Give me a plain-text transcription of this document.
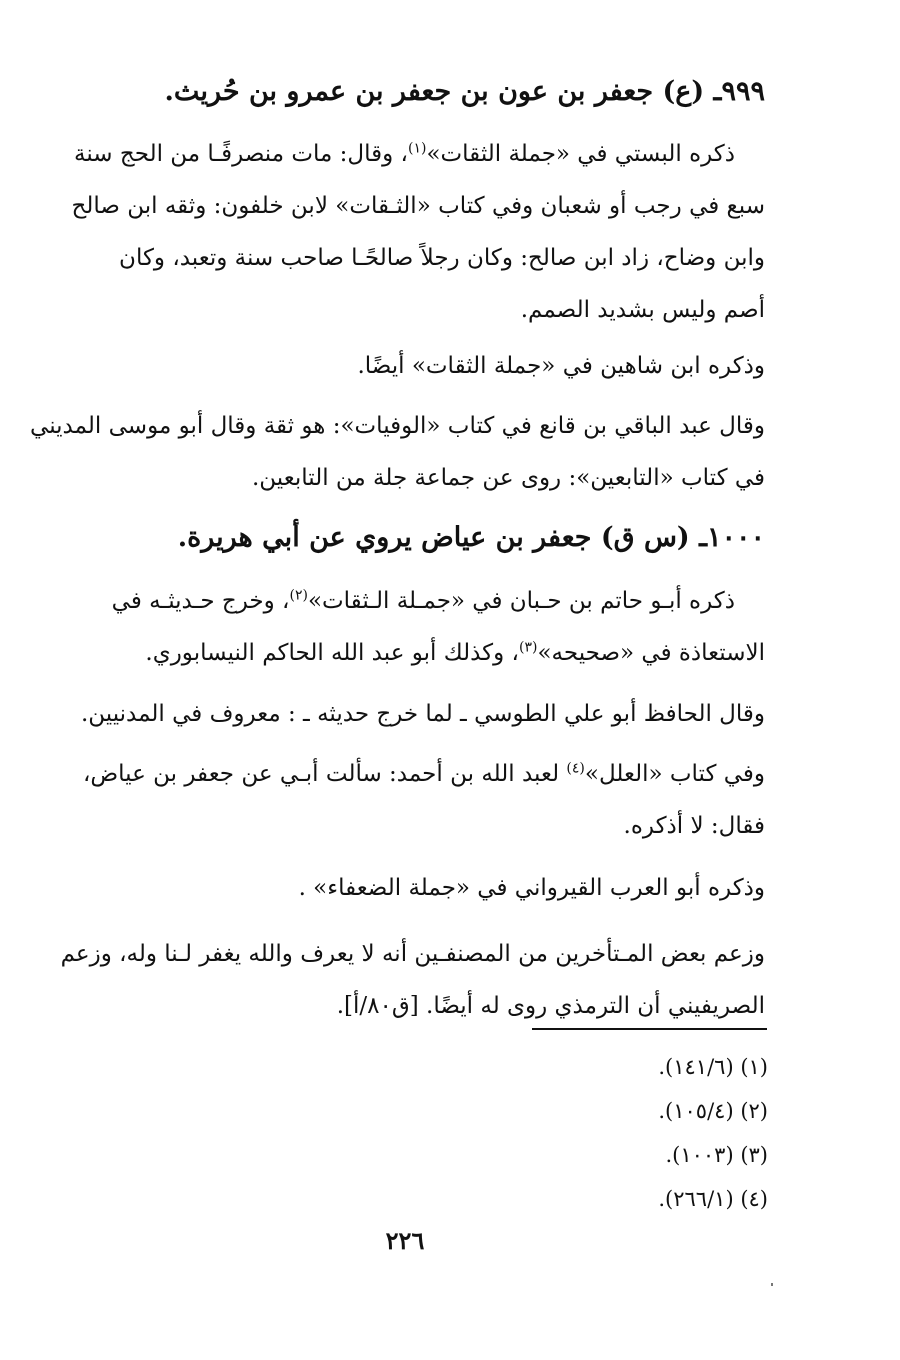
٩٩٩ـ (ع) جعفر بن عون بن جعفر بن عمرو بن حُريث.
ذكره البستي في «جملة الثقات»$^{(١)}$، وقال: مات منصرفًـا من الحج سنة
سبع في رجب أو شعبان وفي كتاب «الثـقات» لابن خلفون: وثقه ابن صالح
وابن وضاح، زاد ابن صالح: وكان رجلاً صالحًـا صاحب سنة وتعبد، وكان
أصم وليس بشديد الصمم.
وذكره ابن شاهين في «جملة الثقات» أيضًا.
وقال عبد الباقي بن قانع في كتاب «الوفيات»: هو ثقة وقال أبو موسى المديني
في كتاب «التابعين»: روى عن جماعة جلة من التابعين.
١٠٠٠ـ (س ق) جعفر بن عياض يروي عن أبي هريرة.
ذكره أبـو حاتم بن حـبان في «جمـلة الـثقات»$^{(٢)}$، وخرج حـديثـه في
الاستعاذة في «صحيحه»$^{(٣)}$، وكذلك أبو عبد الله الحاكم النيسابوري.
وقال الحافظ أبو علي الطوسي ـ لما خرج حديثه ـ : معروف في المدنيين.
وفي كتاب «العلل»$^{(٤)}$ لعبد الله بن أحمد: سألت أبـي عن جعفر بن عياض،
فقال: لا أذكره.
وذكره أبو العرب القيرواني في «جملة الضعفاء» .
وزعم بعض المـتأخرين من المصنفـين أنه لا يعرف والله يغفر لـنا وله، وزعم
الصريفيني أن الترمذي روى له أيضًا. [ق٨٠/أ].
(١) (١٤١/٦).
(٢) (١٠٥/٤).
(٣) (١٠٠٣).
(٤) (٢٦٦/١).
٢٢٦
